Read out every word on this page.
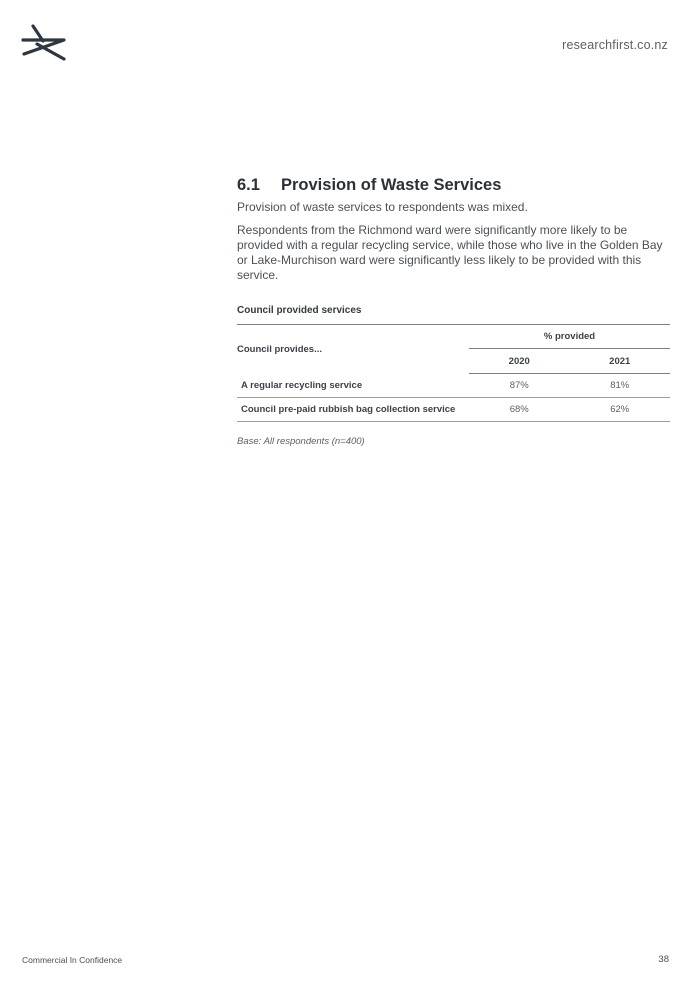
researchfirst.co.nz
6.1	Provision of Waste Services

Provision of waste services to respondents was mixed.

Respondents from the Richmond ward were significantly more likely to be provided with a regular recycling service, while those who live in the Golden Bay or Lake-Murchison ward were significantly less likely to be provided with this service.

Council provided services
Council provides...	% provided	
	2020	2021
A regular recycling service	87%	81%
Council pre-paid rubbish bag collection service	68%	62%
Base: All respondents (n=400)
Commercial In Confidence	38
